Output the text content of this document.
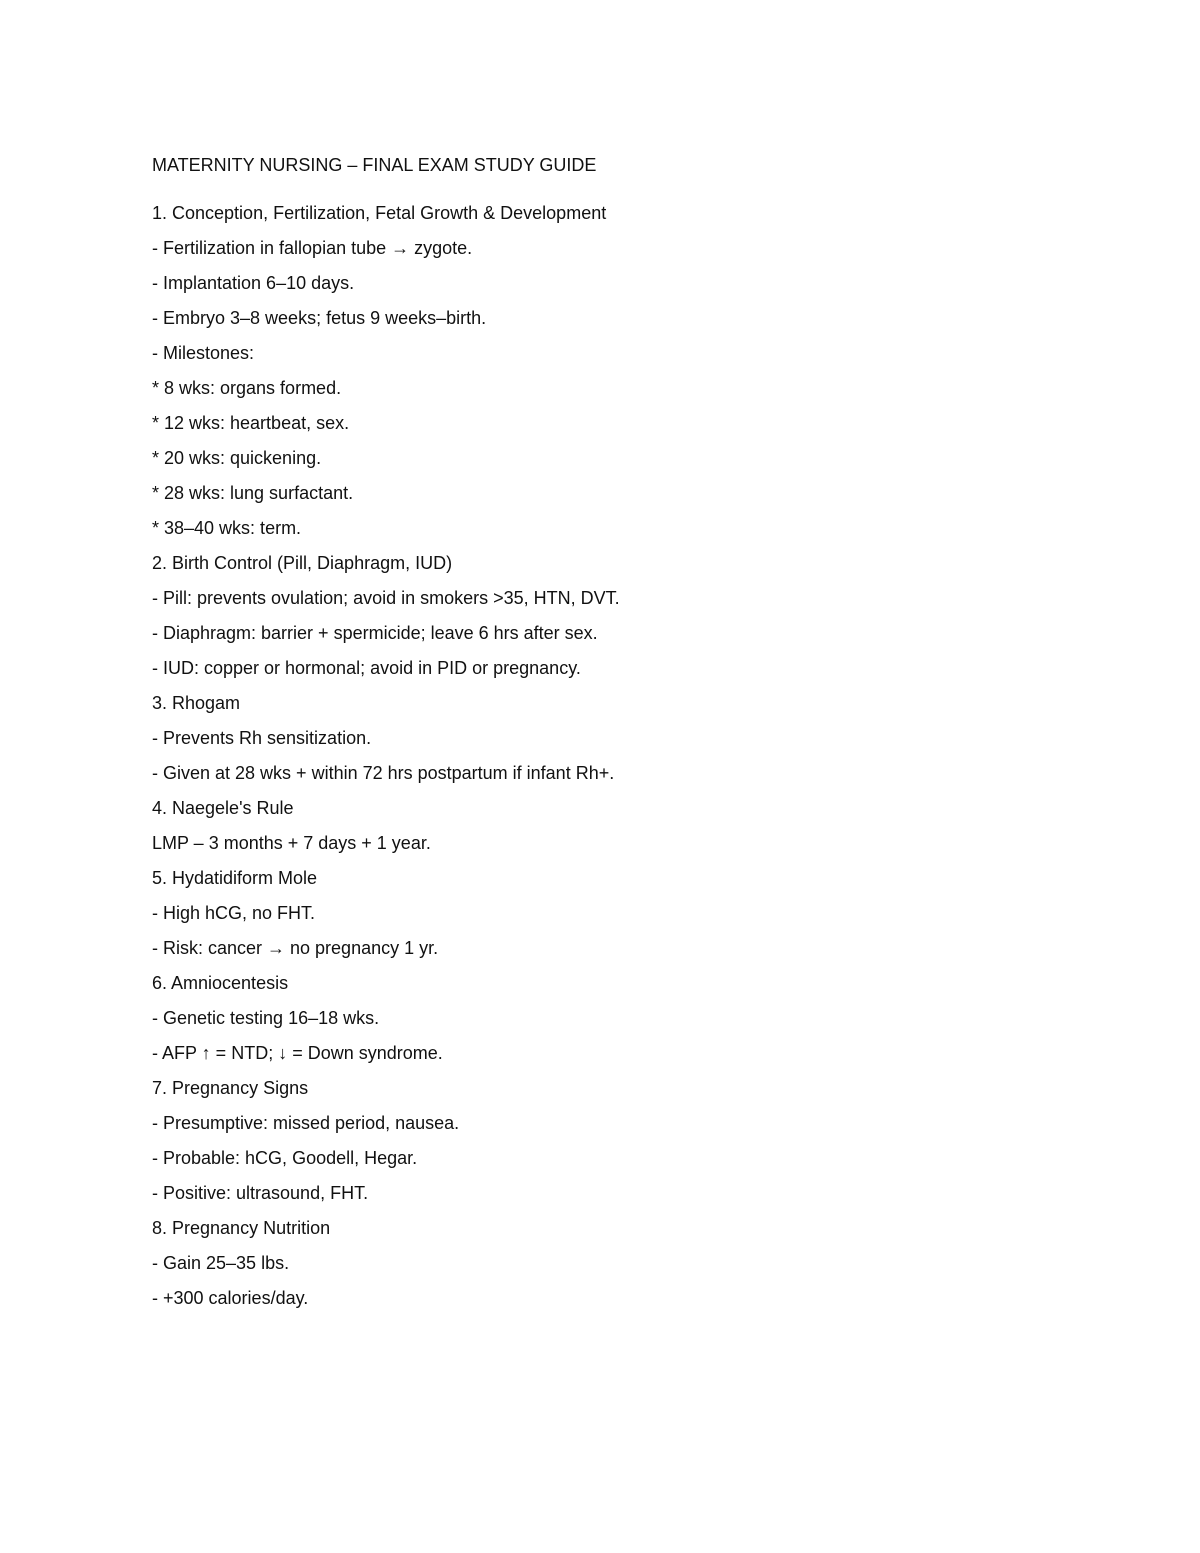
MATERNITY NURSING – FINAL EXAM STUDY GUIDE
1. Conception, Fertilization, Fetal Growth & Development
- Fertilization in fallopian tube → zygote.
- Implantation 6–10 days.
- Embryo 3–8 weeks; fetus 9 weeks–birth.
- Milestones:
* 8 wks: organs formed.
* 12 wks: heartbeat, sex.
* 20 wks: quickening.
* 28 wks: lung surfactant.
* 38–40 wks: term.
2. Birth Control (Pill, Diaphragm, IUD)
- Pill: prevents ovulation; avoid in smokers >35, HTN, DVT.
- Diaphragm: barrier + spermicide; leave 6 hrs after sex.
- IUD: copper or hormonal; avoid in PID or pregnancy.
3. Rhogam
- Prevents Rh sensitization.
- Given at 28 wks + within 72 hrs postpartum if infant Rh+.
4. Naegele's Rule
LMP – 3 months + 7 days + 1 year.
5. Hydatidiform Mole
- High hCG, no FHT.
- Risk: cancer → no pregnancy 1 yr.
6. Amniocentesis
- Genetic testing 16–18 wks.
- AFP ↑ = NTD; ↓ = Down syndrome.
7. Pregnancy Signs
- Presumptive: missed period, nausea.
- Probable: hCG, Goodell, Hegar.
- Positive: ultrasound, FHT.
8. Pregnancy Nutrition
- Gain 25–35 lbs.
- +300 calories/day.
